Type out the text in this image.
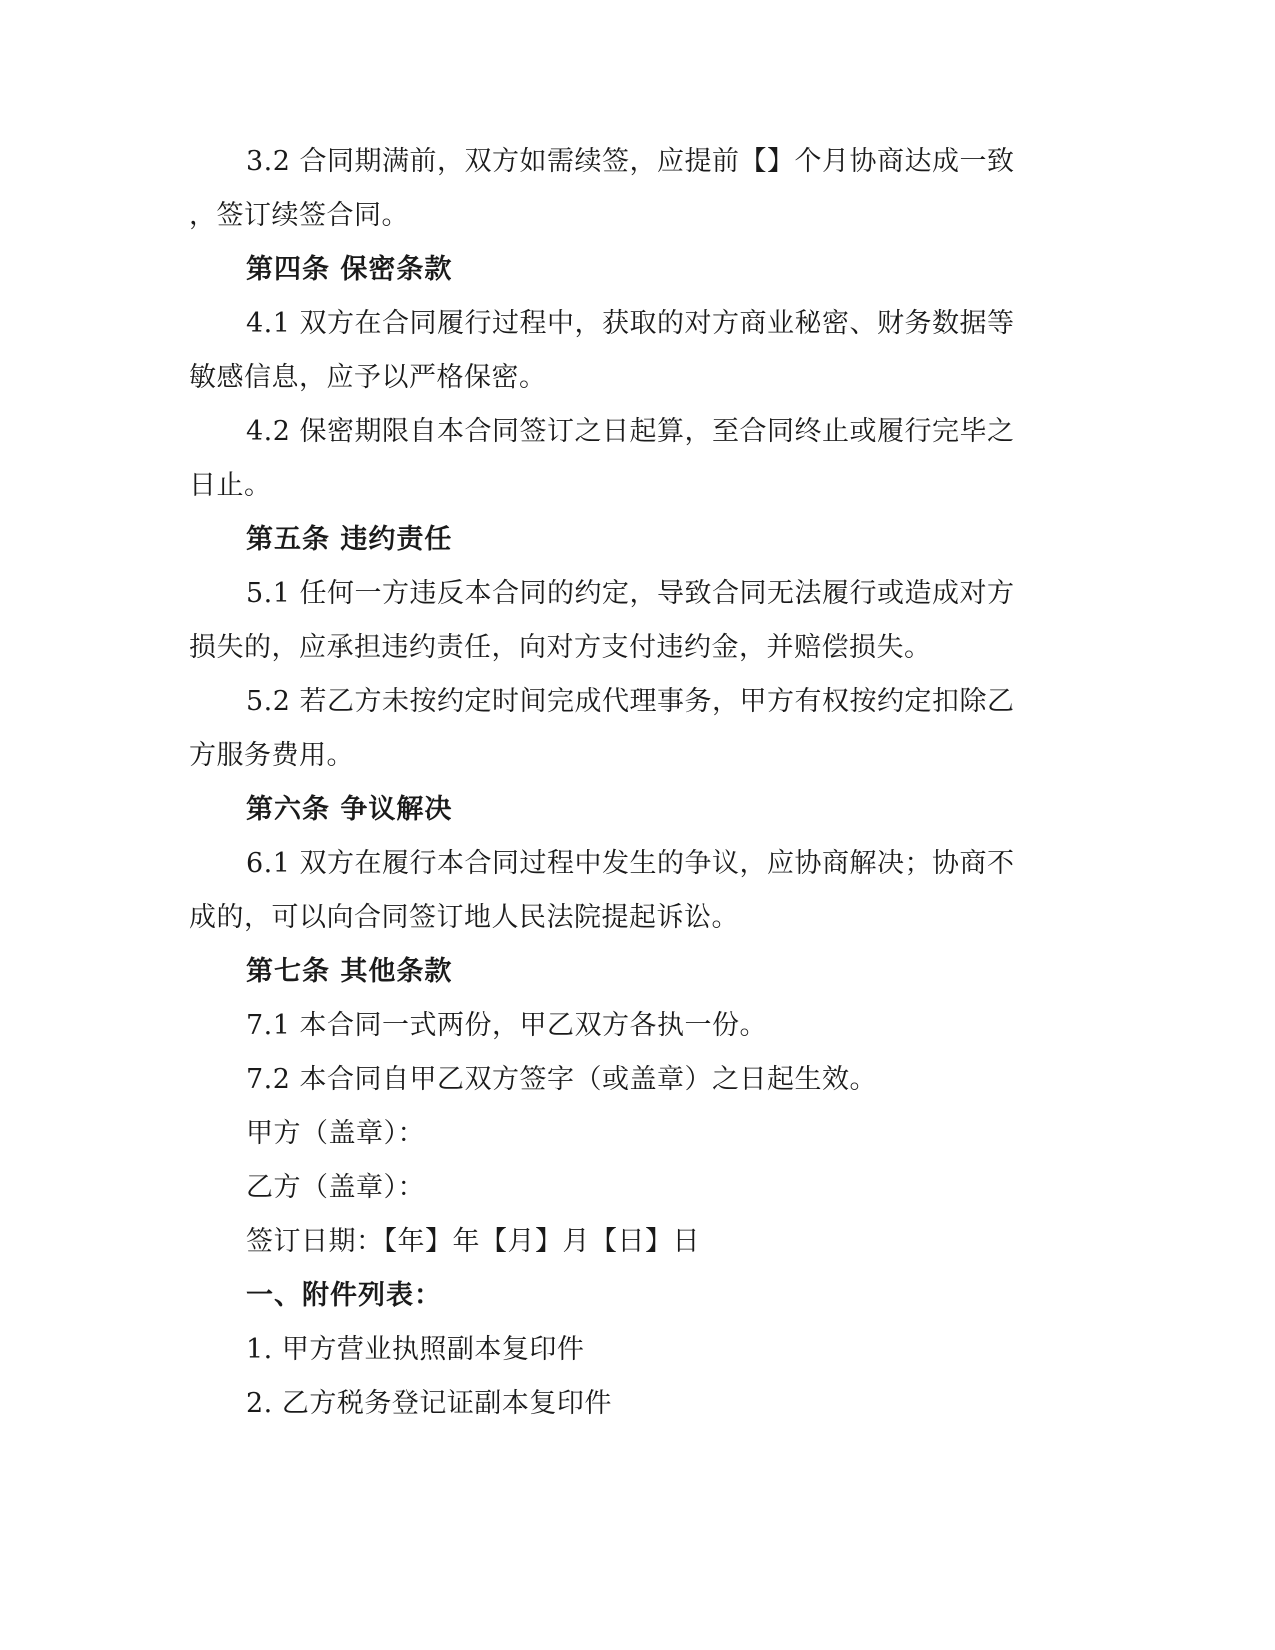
3.2 合同期满前，双方如需续签，应提前【】个月协商达成一致
，签订续签合同。
第四条 保密条款
4.1 双方在合同履行过程中，获取的对方商业秘密、财务数据等
敏感信息，应予以严格保密。
4.2 保密期限自本合同签订之日起算，至合同终止或履行完毕之
日止。
第五条 违约责任
5.1 任何一方违反本合同的约定，导致合同无法履行或造成对方
损失的，应承担违约责任，向对方支付违约金，并赔偿损失。
5.2 若乙方未按约定时间完成代理事务，甲方有权按约定扣除乙
方服务费用。
第六条 争议解决
6.1 双方在履行本合同过程中发生的争议，应协商解决；协商不
成的，可以向合同签订地人民法院提起诉讼。
第七条 其他条款
7.1 本合同一式两份，甲乙双方各执一份。
7.2 本合同自甲乙双方签字（或盖章）之日起生效。
甲方（盖章）：
乙方（盖章）：
签订日期：【年】年【月】月【日】日
一、附件列表：
1. 甲方营业执照副本复印件
2. 乙方税务登记证副本复印件
